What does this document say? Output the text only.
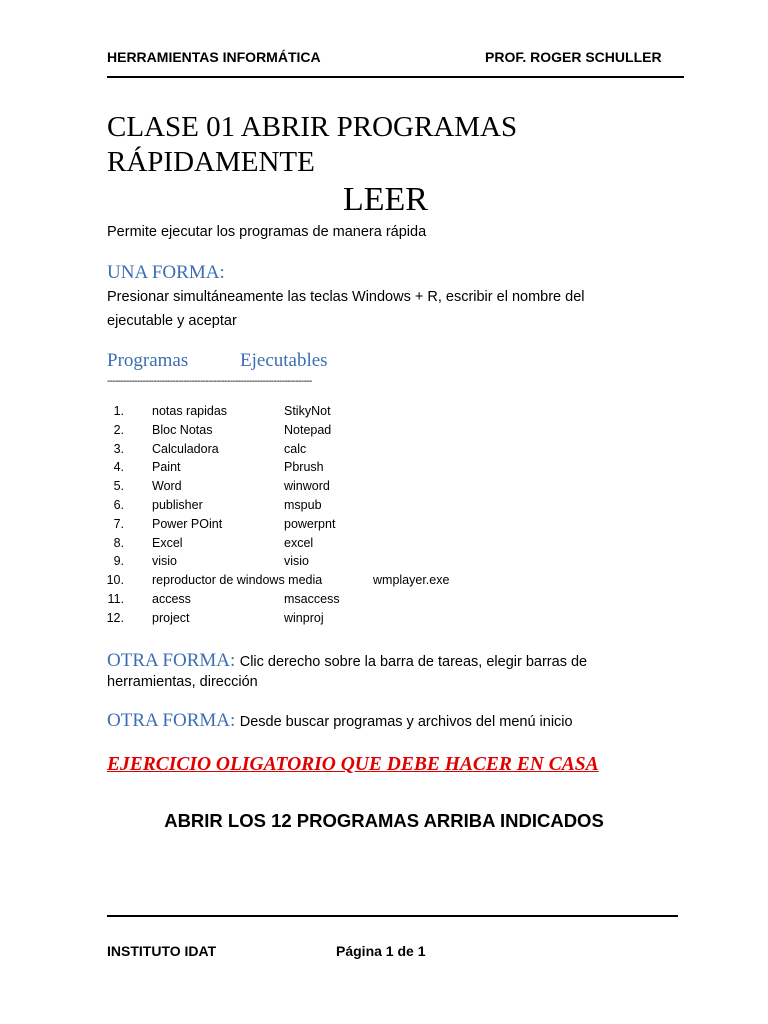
HERRAMIENTAS INFORMÁTICA	PROF. ROGER SCHULLER
CLASE 01 ABRIR PROGRAMAS
RÁPIDAMENTE
LEER
Permite ejecutar los programas de manera rápida
UNA FORMA:
Presionar simultáneamente las teclas Windows + R, escribir el nombre del
ejecutable y aceptar
Programas	Ejecutables
---------------------------------------------------------------------------
1. notas rapidas	StikyNot
2. Bloc Notas	Notepad
3. Calculadora	calc
4. Paint	Pbrush
5. Word	winword
6. publisher	mspub
7. Power POint	powerpnt
8. Excel	excel
9. visio	visio
10. reproductor de windows media	wmplayer.exe
11. access	msaccess
12. project	winproj
OTRA FORMA: Clic derecho sobre la barra de tareas, elegir barras de
herramientas, dirección
OTRA FORMA: Desde buscar programas y archivos del menú inicio
EJERCICIO OLIGATORIO QUE DEBE HACER EN CASA
ABRIR LOS 12 PROGRAMAS ARRIBA INDICADOS
INSTITUTO IDAT	Página 1 de 1
